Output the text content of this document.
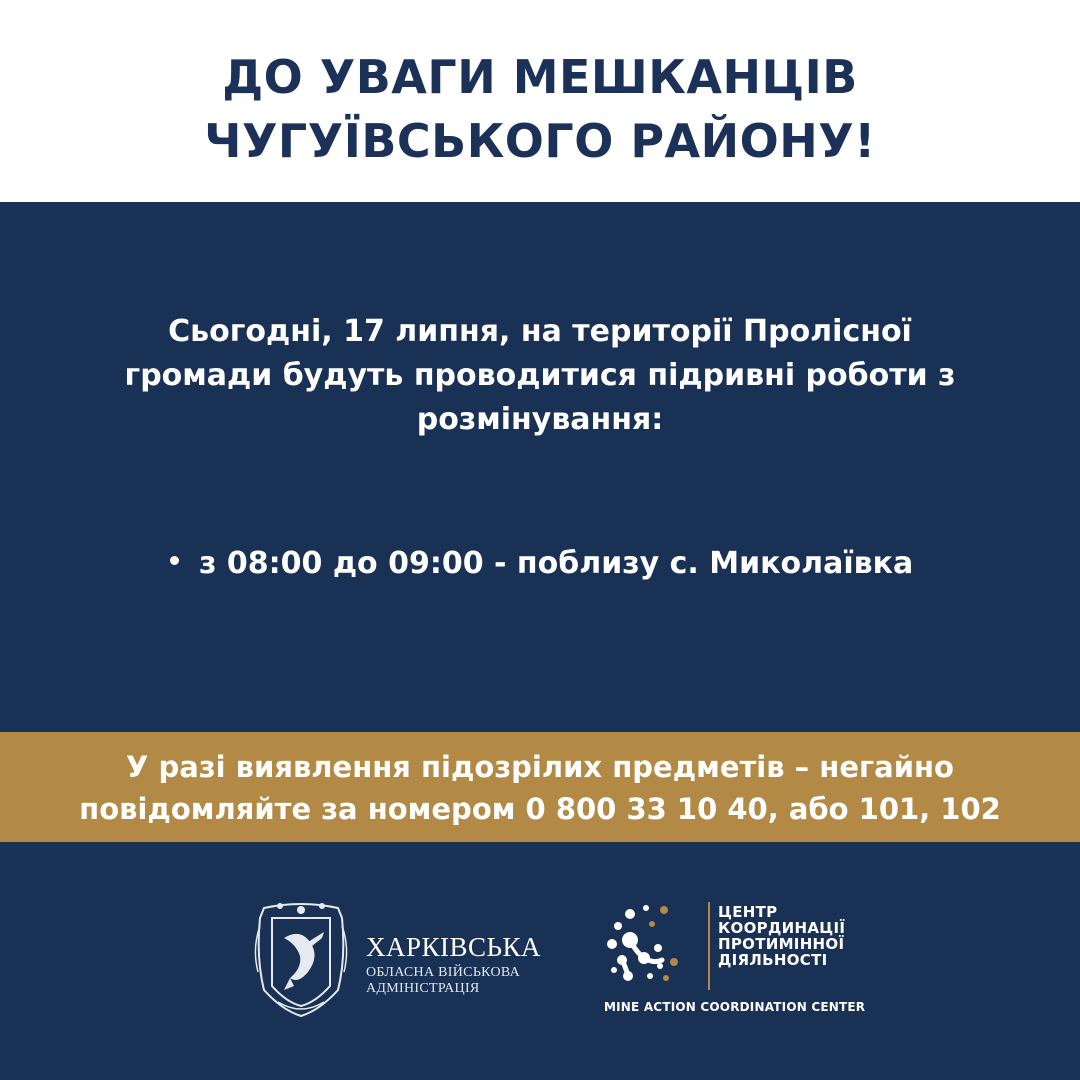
ДО УВАГИ МЕШКАНЦІВ
ЧУГУЇВСЬКОГО РАЙОНУ!
Сьогодні, 17 липня, на території Пролісної
громади будуть проводитися підривні роботи з
розмінування:
з 08:00 до 09:00 - поблизу с. Миколаївка
У разі виявлення підозрілих предметів – негайно
повідомляйте за номером 0 800 33 10 40, або 101, 102
ХАРКІВСЬКА
ОБЛАСНА ВІЙСЬКОВА
АДМІНІСТРАЦІЯ
ЦЕНТР
КООРДИНАЦІЇ
ПРОТИМІННОЇ
ДІЯЛЬНОСТІ
MINE ACTION COORDINATION CENTER
